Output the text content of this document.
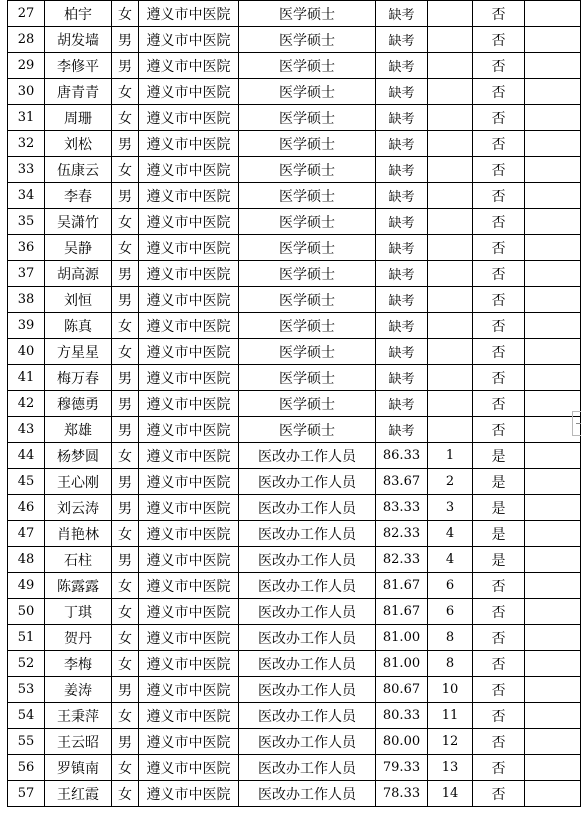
27	柏宇	女	遵义市中医院	医学硕士	缺考		否	
28	胡发墙	男	遵义市中医院	医学硕士	缺考		否	
29	李修平	男	遵义市中医院	医学硕士	缺考		否	
30	唐青青	女	遵义市中医院	医学硕士	缺考		否	
31	周珊	女	遵义市中医院	医学硕士	缺考		否	
32	刘松	男	遵义市中医院	医学硕士	缺考		否	
33	伍康云	女	遵义市中医院	医学硕士	缺考		否	
34	李春	男	遵义市中医院	医学硕士	缺考		否	
35	吴潇竹	女	遵义市中医院	医学硕士	缺考		否	
36	吴静	女	遵义市中医院	医学硕士	缺考		否	
37	胡高源	男	遵义市中医院	医学硕士	缺考		否	
38	刘恒	男	遵义市中医院	医学硕士	缺考		否	
39	陈真	女	遵义市中医院	医学硕士	缺考		否	
40	方星星	女	遵义市中医院	医学硕士	缺考		否	
41	梅万春	男	遵义市中医院	医学硕士	缺考		否	
42	穆德勇	男	遵义市中医院	医学硕士	缺考		否	
43	郑雄	男	遵义市中医院	医学硕士	缺考		否	
44	杨梦圆	女	遵义市中医院	医改办工作人员	86.33	1	是	
45	王心刚	男	遵义市中医院	医改办工作人员	83.67	2	是	
46	刘云涛	男	遵义市中医院	医改办工作人员	83.33	3	是	
47	肖艳林	女	遵义市中医院	医改办工作人员	82.33	4	是	
48	石柱	男	遵义市中医院	医改办工作人员	82.33	4	是	
49	陈露露	女	遵义市中医院	医改办工作人员	81.67	6	否	
50	丁琪	女	遵义市中医院	医改办工作人员	81.67	6	否	
51	贺丹	女	遵义市中医院	医改办工作人员	81.00	8	否	
52	李梅	女	遵义市中医院	医改办工作人员	81.00	8	否	
53	姜涛	男	遵义市中医院	医改办工作人员	80.67	10	否	
54	王秉萍	女	遵义市中医院	医改办工作人员	80.33	11	否	
55	王云昭	男	遵义市中医院	医改办工作人员	80.00	12	否	
56	罗镇南	女	遵义市中医院	医改办工作人员	79.33	13	否	
57	王红霞	女	遵义市中医院	医改办工作人员	78.33	14	否	
